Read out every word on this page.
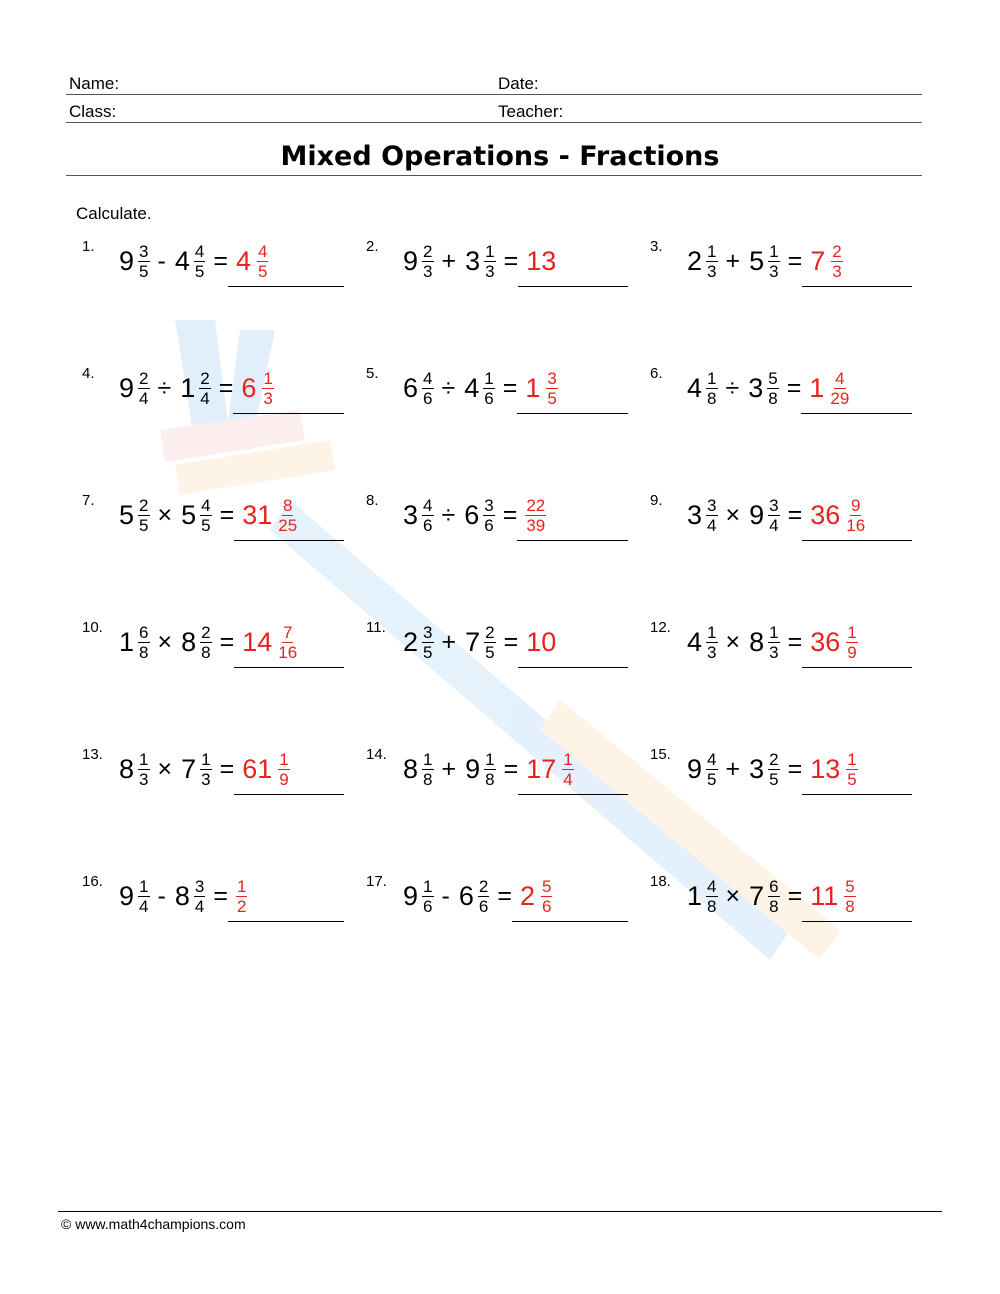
Name:	Date:
Class:	Teacher:
Mixed Operations - Fractions
Calculate.
1. $9 \frac{3}{5} - 4 \frac{4}{5} = 4 \frac{4}{5}$	2. $9 \frac{2}{3} + 3 \frac{1}{3} = 13$	3. $2 \frac{1}{3} + 5 \frac{1}{3} = 7 \frac{2}{3}$
4. $9 \frac{2}{4} \div 1 \frac{2}{4} = 6 \frac{1}{3}$	5. $6 \frac{4}{6} \div 4 \frac{1}{6} = 1 \frac{3}{5}$	6. $4 \frac{1}{8} \div 3 \frac{5}{8} = 1 \frac{4}{29}$
7. $5 \frac{2}{5} \times 5 \frac{4}{5} = 31 \frac{8}{25}$	8. $3 \frac{4}{6} \div 6 \frac{3}{6} = \frac{22}{39}$	9. $3 \frac{3}{4} \times 9 \frac{3}{4} = 36 \frac{9}{16}$
10. $1 \frac{6}{8} \times 8 \frac{2}{8} = 14 \frac{7}{16}$	11. $2 \frac{3}{5} + 7 \frac{2}{5} = 10$	12. $4 \frac{1}{3} \times 8 \frac{1}{3} = 36 \frac{1}{9}$
13. $8 \frac{1}{3} \times 7 \frac{1}{3} = 61 \frac{1}{9}$	14. $8 \frac{1}{8} + 9 \frac{1}{8} = 17 \frac{1}{4}$	15. $9 \frac{4}{5} + 3 \frac{2}{5} = 13 \frac{1}{5}$
16. $9 \frac{1}{4} - 8 \frac{3}{4} = \frac{1}{2}$	17. $9 \frac{1}{6} - 6 \frac{2}{6} = 2 \frac{5}{6}$	18. $1 \frac{4}{8} \times 7 \frac{6}{8} = 11 \frac{5}{8}$
© www.math4champions.com
